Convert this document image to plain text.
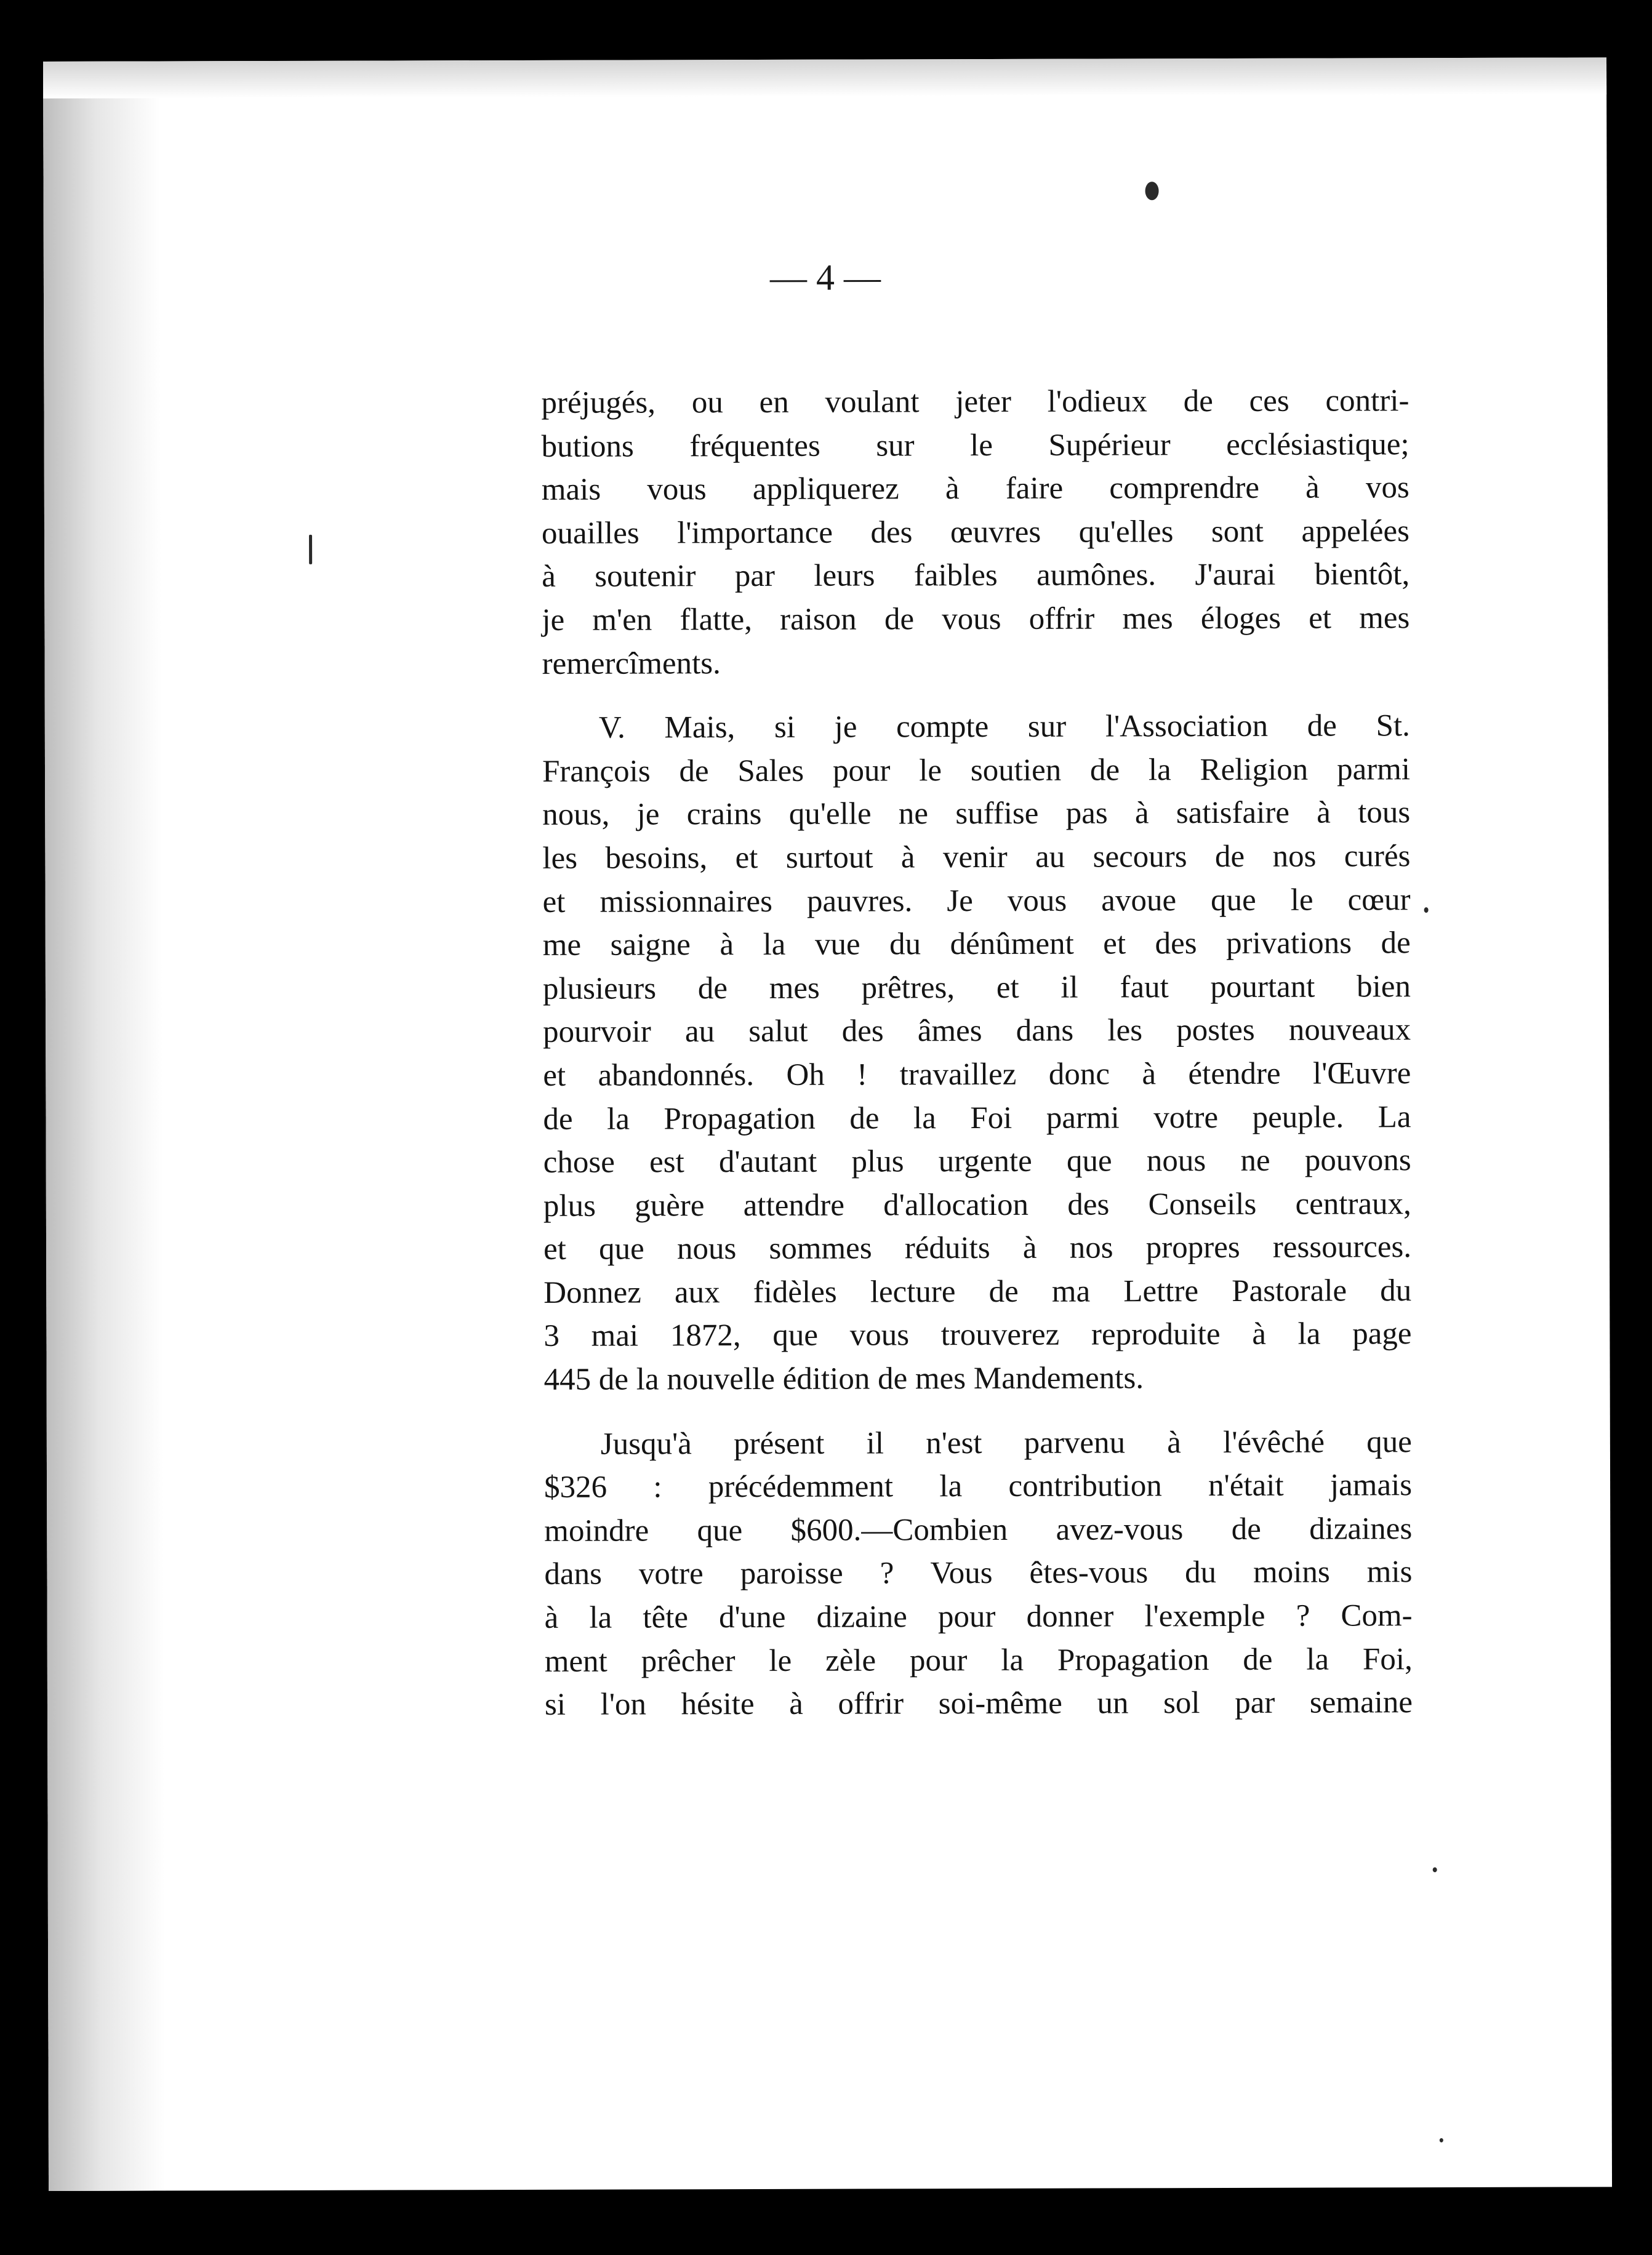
— 4 —
préjugés, ou en voulant jeter l'odieux de ces contri-
butions fréquentes sur le Supérieur ecclésiastique;
mais vous appliquerez à faire comprendre à vos
ouailles l'importance des œuvres qu'elles sont appelées
à soutenir par leurs faibles aumônes. J'aurai bientôt,
je m'en flatte, raison de vous offrir mes éloges et mes
remercîments.
V. Mais, si je compte sur l'Association de St.
François de Sales pour le soutien de la Religion parmi
nous, je crains qu'elle ne suffise pas à satisfaire à tous
les besoins, et surtout à venir au secours de nos curés
et missionnaires pauvres. Je vous avoue que le cœur
me saigne à la vue du dénûment et des privations de
plusieurs de mes prêtres, et il faut pourtant bien
pourvoir au salut des âmes dans les postes nouveaux
et abandonnés. Oh ! travaillez donc à étendre l'Œuvre
de la Propagation de la Foi parmi votre peuple. La
chose est d'autant plus urgente que nous ne pouvons
plus guère attendre d'allocation des Conseils centraux,
et que nous sommes réduits à nos propres ressources.
Donnez aux fidèles lecture de ma Lettre Pastorale du
3 mai 1872, que vous trouverez reproduite à la page
445 de la nouvelle édition de mes Mandements.
Jusqu'à présent il n'est parvenu à l'évêché que
$326 : précédemment la contribution n'était jamais
moindre que $600.—Combien avez-vous de dizaines
dans votre paroisse ? Vous êtes-vous du moins mis
à la tête d'une dizaine pour donner l'exemple ? Com-
ment prêcher le zèle pour la Propagation de la Foi,
si l'on hésite à offrir soi-même un sol par semaine
